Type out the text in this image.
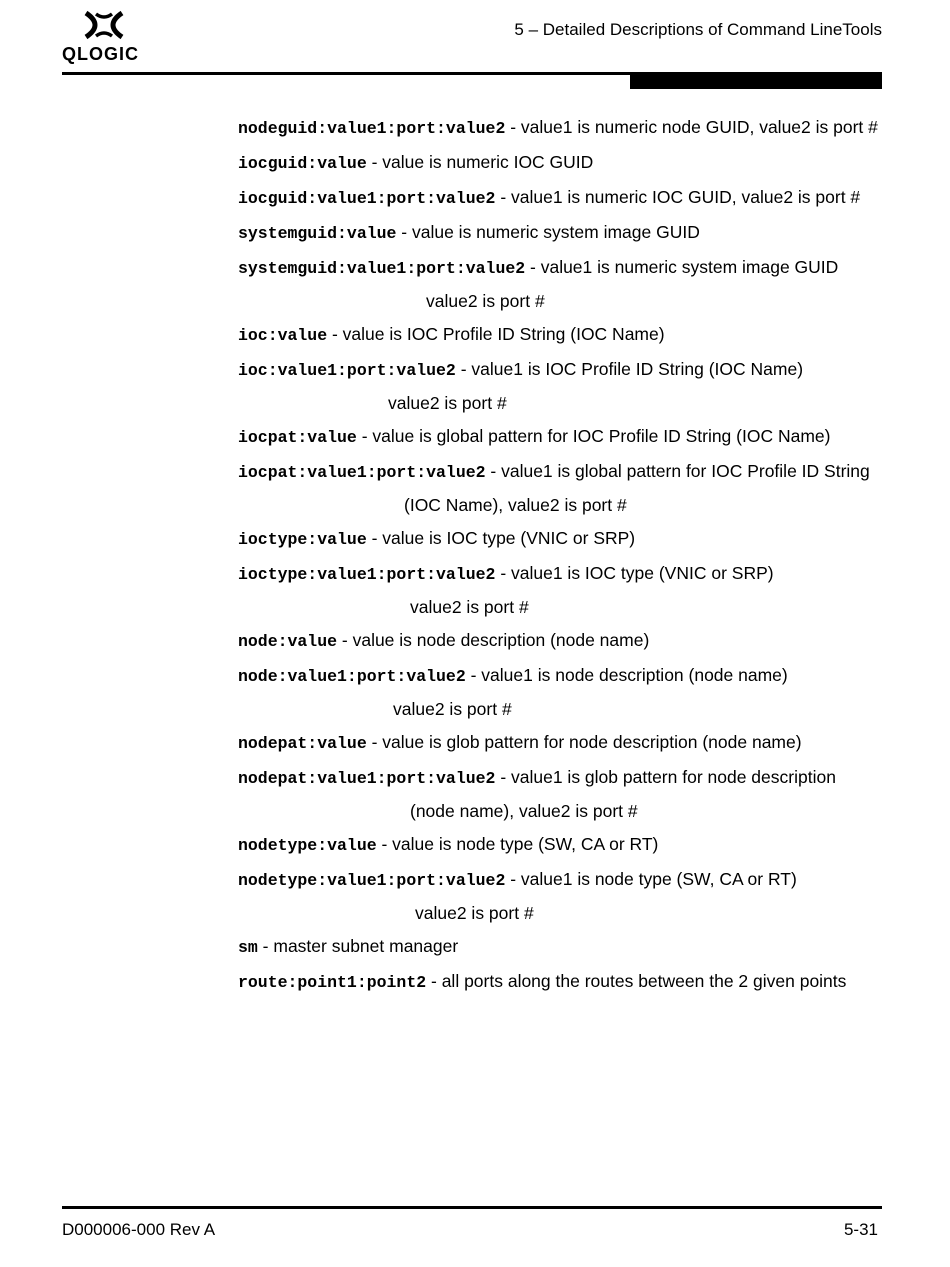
QLOGIC
5 – Detailed Descriptions of Command LineTools

nodeguid:value1:port:value2 - value1 is numeric node GUID, value2 is port #

iocguid:value - value is numeric IOC GUID

iocguid:value1:port:value2 - value1 is numeric IOC GUID, value2 is port #

systemguid:value - value is numeric system image GUID

systemguid:value1:port:value2 - value1 is numeric system image GUID

value2 is port #

ioc:value - value is IOC Profile ID String (IOC Name)

ioc:value1:port:value2 - value1 is IOC Profile ID String (IOC Name)

value2 is port #

iocpat:value - value is global pattern for IOC Profile ID String (IOC Name)

iocpat:value1:port:value2 - value1 is global pattern for IOC Profile ID String

(IOC Name), value2 is port #

ioctype:value - value is IOC type (VNIC or SRP)

ioctype:value1:port:value2 - value1 is IOC type (VNIC or SRP)

value2 is port #

node:value - value is node description (node name)

node:value1:port:value2 - value1 is node description (node name)

value2 is port #

nodepat:value - value is glob pattern for node description (node name)

nodepat:value1:port:value2 - value1 is glob pattern for node description

(node name), value2 is port #

nodetype:value - value is node type (SW, CA or RT)

nodetype:value1:port:value2 - value1 is node type (SW, CA or RT)

value2 is port #

sm - master subnet manager

route:point1:point2 - all ports along the routes between the 2 given points

D000006-000 Rev A	5-31
